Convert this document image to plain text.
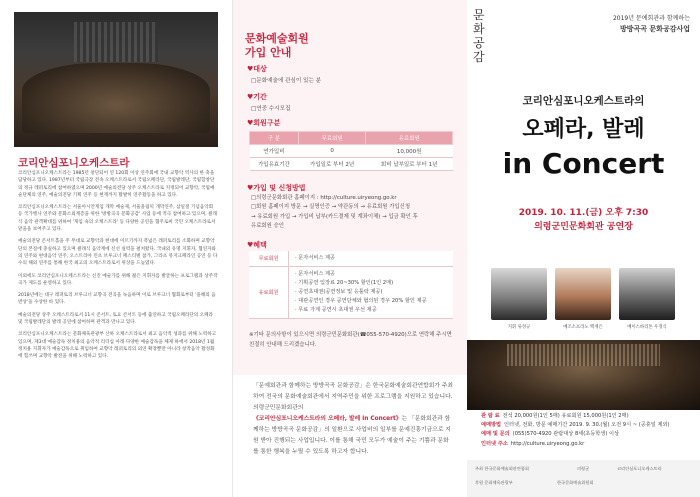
코리안심포니오케스트라

코리안심포니오케스트라는 1985년 창단되어 연 120회 이상 연주회에 국내 교향악 역사의 한 축을 담당하고 있다. 1987년부터 국립극장 전속 오케스트라로서 국립오페라단, 국립발레단, 국립합창단의 정규 레퍼토리에 참여하였으며 2000년 예술의전당 상주 오케스트라로 지정되어 교향악, 국립예술단체의 연주, 예술의전당 기획 연주 등 현재까지 활발히 연주활동을 하고 있다.

코리안심포니오케스트라는 서울아시안게임 개막 예술제, 서울올림픽 개막연주, 삼일절 기념음악회 등 국가행사 연주와 문화소외계층을 위한 '방방곡곡 문화공감' 사업 등에 적극 참여하고 있으며, 클래식 음악 관객확대를 위하여 '게임 속의 오케스트라' 등 다양한 공연을 협주로써 국민 오케스트라로서 맡을을 보여주고 있다.

예술의전당 콘서트홀을 주 무대로 교향악과 현대에 이르기까지 폭넓은 레퍼토리를 소화하며 교향악단의 본질에 충실하고 있으며 클래식 음악계에 신선 실력을 펼쳐왔다. 국내외 유명 지휘자, 협연자와의 연주와 현대음악 연주, 오스트리아 린츠 브루크너 페스티벌 참가, 그라츠 뮤지크페라인 공연 등 다수의 해외 연주를 통해 한국 최고의 오케스트라로서 위상을 드높였다.

이외에도 코리안심포니오케스트라는 신진 예술가를 위해 젊은 지휘자를 발굴하는 프로그램과 상주작곡가 제도를 운영하고 있다.

2018년에는 대구 레퍼토리 브루크너 교향곡 전곡을 녹음하며 이로 브루크너 협회로부터 '올해의 음반상'을 수상한 바 있다.

예술의전당 상주 오케스트라로서 11시 콘서트, 토요 콘서트 등에 출연하고 국립오페라단의 오페라 및 국립발레단의 발레 공연에 참여하며 관객과 만나고 있다.

코리안심포니오케스트라는 문화체육관광부 산하 오케스트라로서 최고 음악적 성과를 위해 노력하고 있으며, 제3대 예술감독 정치용의 음악적 리더십 아래 다양한 예술감독을 체제 하에서 2018년 1월 정치용 지휘자가 예술감독으로 취임하여 교향악 레퍼토리의 외연 확장뿐만 아니라 창작음악 활성화에 힘쓰며 교향악 발전을 위해 노력하고 있다.

문화예술회원
가입 안내
♥대상
□문화예술에 관심이 있는 분
♥기간
□연중 수시모집
♥회원구분
구 분	무료회원	유료회원
연가입비	0	10,000원
가입유효기간	가입일로 부터 2년	회비 납부일로 부터 1년
♥가입 및 신청방법
□의령군문화회관 홈페이지 : http://culture.uiryeong.go.kr
□회원 홈페이지 방문 → 실명인증 → 약관동의 → 유료회원 가입신청
→ 유료회원 가입 → 가입비 납부(카드결제 및 계좌이체) → 입금 확인 후
유료회원 승인
♥혜택
무료회원	· 문자서비스 제공
유료회원
· 문자서비스 제공
· 기획공연 입장료 20~30% 할인(1인 2매)
· 공연초대권(공연정보 및 응툴락 제공)
· 대관공연인 경우 공연단체와 협의된 경우 20% 할인 제공
· 무료 가계 공연시 초대권 우선 제공
※기타 문의사항이 있으시면 의령군민문화회관(☎055-570-4920)으로 연락해 주시면 친절히 안내해 드리겠습니다.
「문예회관과 함께하는 방방곡곡 문화공감」은 한국문화예술회관연합회가 주최하여 전국의 문화예술회관에서 지역주민을 위한 프로그램을 지원하고 있습니다. 의령군민문화회관의 《코리안심포니오케스트라의 오페라, 발레 in Concert》는 「문화회관과 함께하는 방방곡곡 문화공감」의 일환으로 사업비의 일부를 문예진흥기금으로 지원 받아 진행되는 사업입니다. 이를 통해 국민 모두가 예술이 주는 기쁨과 문화를 통한 행복을 누릴 수 있도록 하고자 합니다.
문
화
공
감
2019년 문예회관과 함께하는
방방곡곡 문화공감사업
코리안심포니오케스트라의
오페라, 발레
in Concert
2019. 10. 11.(금) 오후 7:30
의령군민문화회관 공연장
지휘 류성규	메조소프라노 백재은	베이스바리톤 우경식
관 람 료 전석 20,000원(1인 5매) 유료회원 15,000원(1인 2매)
예매방법 인터넷, 전화, 방문 예매기간 2019. 9. 30.(월) 오전 9시 ~ (공휴일 제외)
예매 및 문의 (055)570-4920 관람대상 8세(초등학생) 이상
인터넷 주소 http://culture.uiryeong.go.kr
주최 한국문화예술회관연합회	의령군	코리안심포니오케스트라
후원 문화체육관광부	한국문화예술위원회
